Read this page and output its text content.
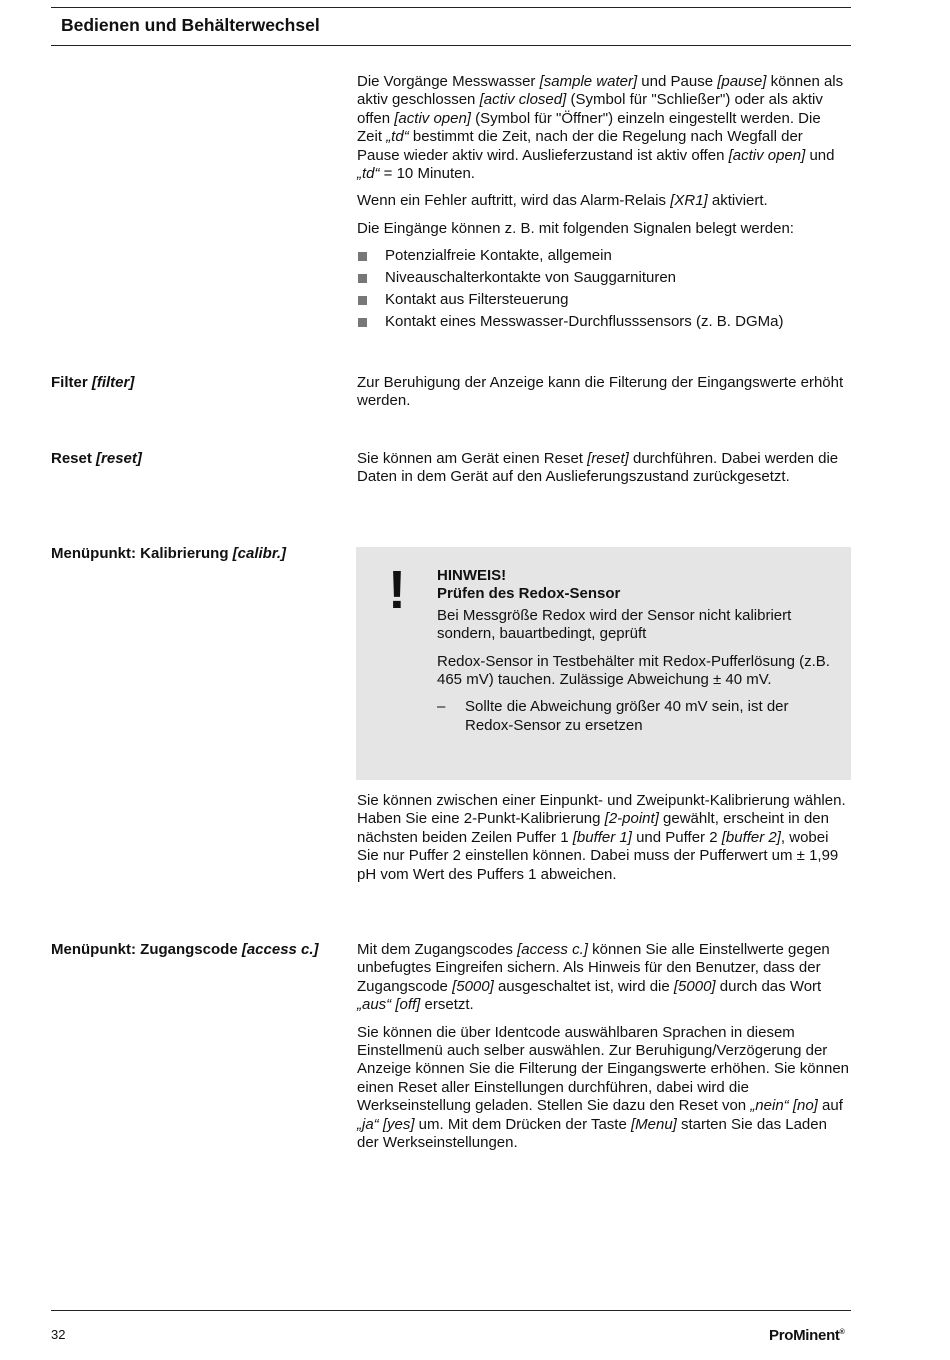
Bedienen und Behälterwechsel

Die Vorgänge Messwasser [sample water] und Pause [pause] können als aktiv geschlossen [activ closed] (Symbol für "Schließer") oder als aktiv offen [activ open] (Symbol für "Öffner") einzeln eingestellt werden. Die Zeit „td“ bestimmt die Zeit, nach der die Regelung nach Wegfall der Pause wieder aktiv wird. Auslieferzustand ist aktiv offen [activ open] und „td“ = 10 Minuten.

Wenn ein Fehler auftritt, wird das Alarm-Relais [XR1] aktiviert.

Die Eingänge können z. B. mit folgenden Signalen belegt werden:

Potenzialfreie Kontakte, allgemein
Niveauschalterkontakte von Sauggarnituren
Kontakt aus Filtersteuerung
Kontakt eines Messwasser-Durchflusssensors (z. B. DGMa)
Filter [filter]	Zur Beruhigung der Anzeige kann die Filterung der Eingangswerte erhöht werden.

Reset [reset]	Sie können am Gerät einen Reset [reset] durchführen. Dabei werden die Daten in dem Gerät auf den Auslieferungszustand zurückgesetzt.

Menüpunkt: Kalibrierung [calibr.]
! HINWEIS!
Prüfen des Redox-Sensor

Bei Messgröße Redox wird der Sensor nicht kalibriert sondern, bauartbedingt, geprüft

Redox-Sensor in Testbehälter mit Redox-Pufferlösung (z.B. 465 mV) tauchen. Zulässige Abweichung ± 40 mV.

– Sollte die Abweichung größer 40 mV sein, ist der Redox-Sensor zu ersetzen

Sie können zwischen einer Einpunkt- und Zweipunkt-Kalibrierung wählen. Haben Sie eine 2-Punkt-Kalibrierung [2-point] gewählt, erscheint in den nächsten beiden Zeilen Puffer 1 [buffer 1] und Puffer 2 [buffer 2], wobei Sie nur Puffer 2 einstellen können. Dabei muss der Pufferwert um ± 1,99 pH vom Wert des Puffers 1 abweichen.

Menüpunkt: Zugangscode [access c.]	Mit dem Zugangscodes [access c.] können Sie alle Einstellwerte gegen unbefugtes Eingreifen sichern. Als Hinweis für den Benutzer, dass der Zugangscode [5000] ausgeschaltet ist, wird die [5000] durch das Wort „aus“ [off] ersetzt.

Sie können die über Identcode auswählbaren Sprachen in diesem Einstellmenü auch selber auswählen. Zur Beruhigung/Verzögerung der Anzeige können Sie die Filterung der Eingangswerte erhöhen. Sie können einen Reset aller Einstellungen durchführen, dabei wird die Werkseinstellung geladen. Stellen Sie dazu den Reset von „nein“ [no] auf „ja“ [yes] um. Mit dem Drücken der Taste [Menu] starten Sie das Laden der Werkseinstellungen.

32	ProMinent®
